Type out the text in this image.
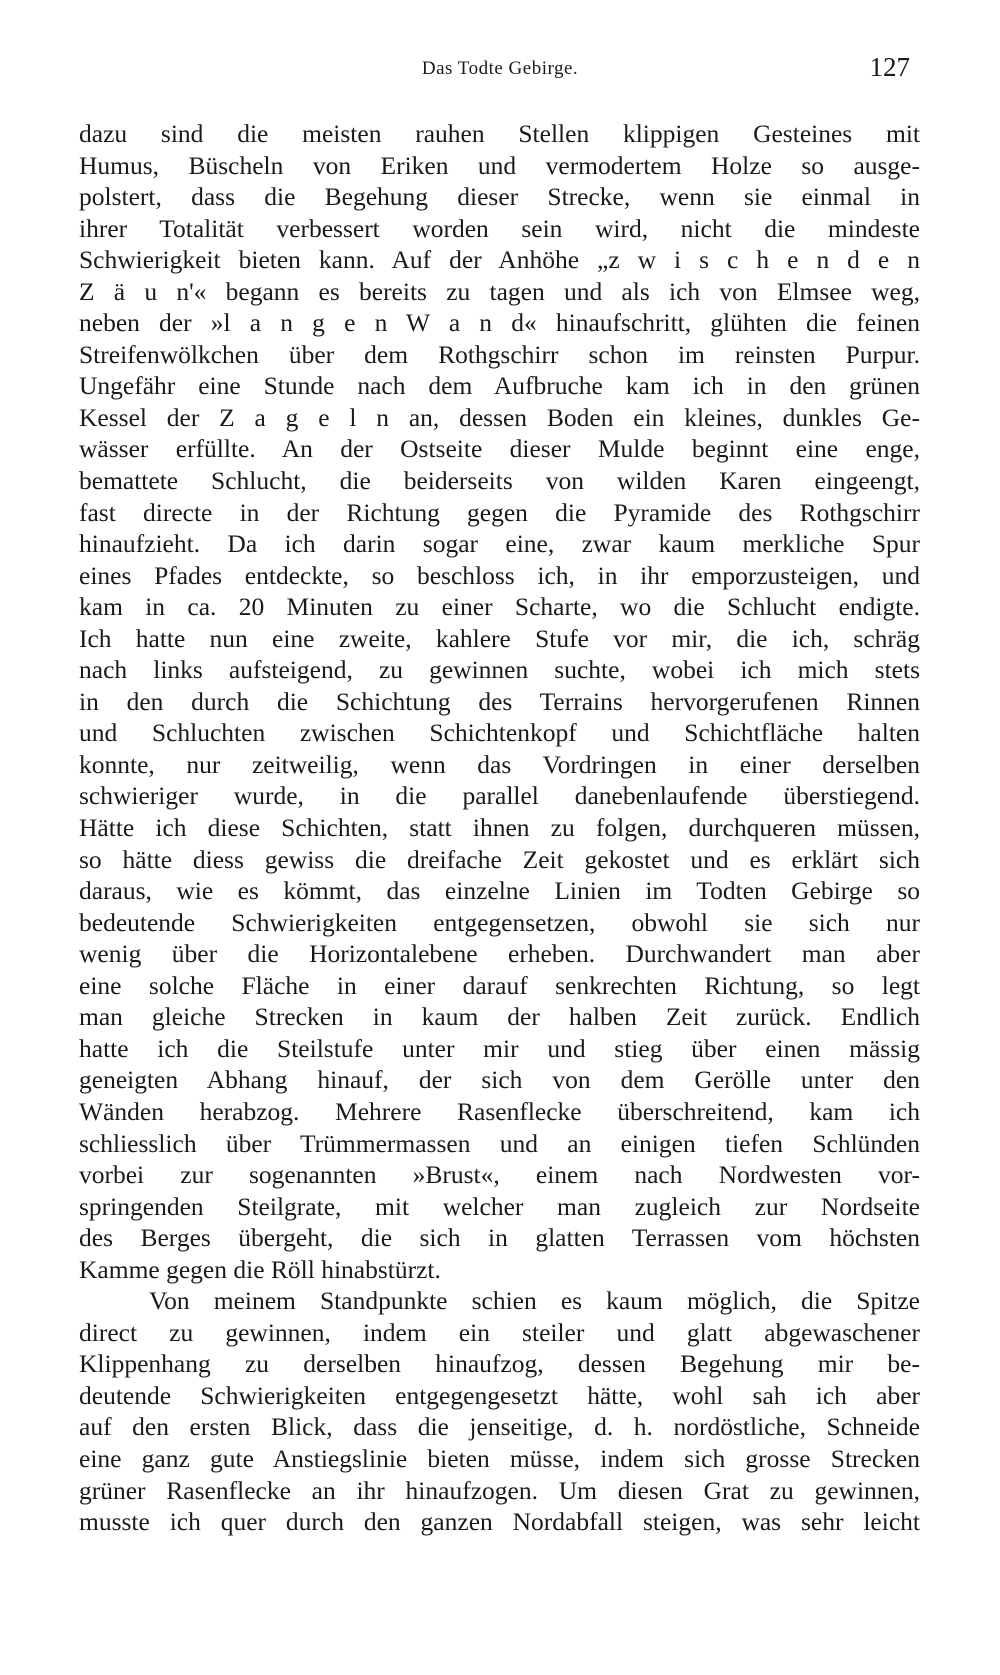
Das Todte Gebirge.	127
dazu sind die meisten rauhen Stellen klippigen Gesteines mit
Humus, Büscheln von Eriken und vermodertem Holze so ausge-
polstert, dass die Begehung dieser Strecke, wenn sie einmal in
ihrer Totalität verbessert worden sein wird, nicht die mindeste
Schwierigkeit bieten kann. Auf der Anhöhe „z w i s c h e n d e n
Z ä u n'« begann es bereits zu tagen und als ich von Elmsee weg,
neben der »l a n g e n W a n d« hinaufschritt, glühten die feinen
Streifenwölkchen über dem Rothgschirr schon im reinsten Purpur.
Ungefähr eine Stunde nach dem Aufbruche kam ich in den grünen
Kessel der Z a g e l n an, dessen Boden ein kleines, dunkles Ge-
wässer erfüllte. An der Ostseite dieser Mulde beginnt eine enge,
bemattete Schlucht, die beiderseits von wilden Karen eingeengt,
fast directe in der Richtung gegen die Pyramide des Rothgschirr
hinaufzieht. Da ich darin sogar eine, zwar kaum merkliche Spur
eines Pfades entdeckte, so beschloss ich, in ihr emporzusteigen, und
kam in ca. 20 Minuten zu einer Scharte, wo die Schlucht endigte.
Ich hatte nun eine zweite, kahlere Stufe vor mir, die ich, schräg
nach links aufsteigend, zu gewinnen suchte, wobei ich mich stets
in den durch die Schichtung des Terrains hervorgerufenen Rinnen
und Schluchten zwischen Schichtenkopf und Schichtfläche halten
konnte, nur zeitweilig, wenn das Vordringen in einer derselben
schwieriger wurde, in die parallel danebenlaufende überstiegend.
Hätte ich diese Schichten, statt ihnen zu folgen, durchqueren müssen,
so hätte diess gewiss die dreifache Zeit gekostet und es erklärt sich
daraus, wie es kömmt, das einzelne Linien im Todten Gebirge so
bedeutende Schwierigkeiten entgegensetzen, obwohl sie sich nur
wenig über die Horizontalebene erheben. Durchwandert man aber
eine solche Fläche in einer darauf senkrechten Richtung, so legt
man gleiche Strecken in kaum der halben Zeit zurück. Endlich
hatte ich die Steilstufe unter mir und stieg über einen mässig
geneigten Abhang hinauf, der sich von dem Gerölle unter den
Wänden herabzog. Mehrere Rasenflecke überschreitend, kam ich
schliesslich über Trümmermassen und an einigen tiefen Schlünden
vorbei zur sogenannten »Brust«, einem nach Nordwesten vor-
springenden Steilgrate, mit welcher man zugleich zur Nordseite
des Berges übergeht, die sich in glatten Terrassen vom höchsten
Kamme gegen die Röll hinabstürzt.
Von meinem Standpunkte schien es kaum möglich, die Spitze
direct zu gewinnen, indem ein steiler und glatt abgewaschener
Klippenhang zu derselben hinaufzog, dessen Begehung mir be-
deutende Schwierigkeiten entgegengesetzt hätte, wohl sah ich aber
auf den ersten Blick, dass die jenseitige, d. h. nordöstliche, Schneide
eine ganz gute Anstiegslinie bieten müsse, indem sich grosse Strecken
grüner Rasenflecke an ihr hinaufzogen. Um diesen Grat zu gewinnen,
musste ich quer durch den ganzen Nordabfall steigen, was sehr leicht
